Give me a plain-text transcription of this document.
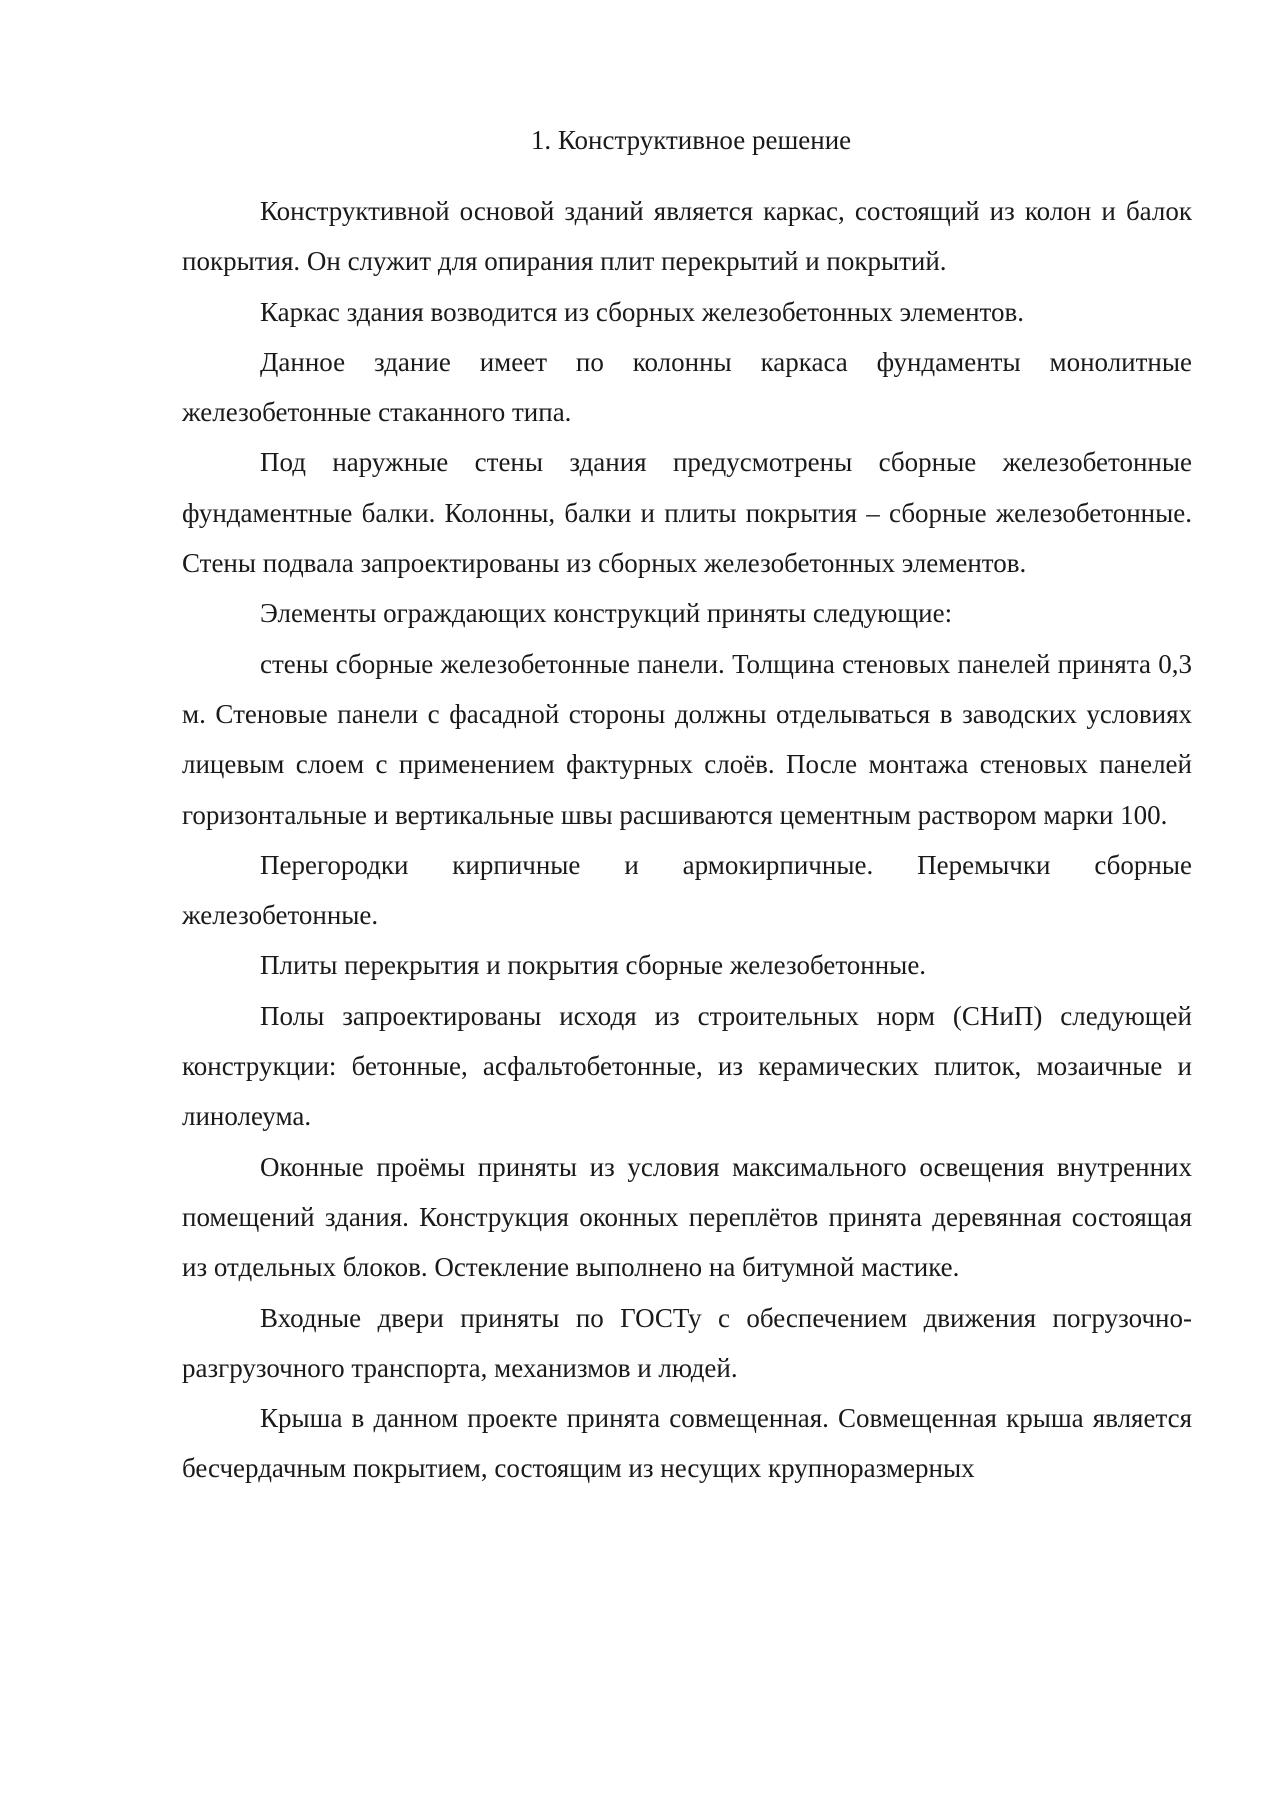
1. Конструктивное решение

Конструктивной основой зданий является каркас, состоящий из колон и балок покрытия. Он служит для опирания плит перекрытий и покрытий.

Каркас здания возводится из сборных железобетонных элементов.

Данное здание имеет по колонны каркаса фундаменты монолитные железобетонные стаканного типа.

Под наружные стены здания предусмотрены сборные железобетонные фундаментные балки. Колонны, балки и плиты покрытия – сборные железобетонные. Стены подвала запроектированы из сборных железобетонных элементов.

Элементы ограждающих конструкций приняты следующие:

стены сборные железобетонные панели. Толщина стеновых панелей принята 0,3 м. Стеновые панели с фасадной стороны должны отделываться в заводских условиях лицевым слоем с применением фактурных слоёв. После монтажа стеновых панелей горизонтальные и вертикальные швы расшиваются цементным раствором марки 100.

Перегородки кирпичные и армокирпичные. Перемычки сборные железобетонные.

Плиты перекрытия и покрытия сборные железобетонные.

Полы запроектированы исходя из строительных норм (СНиП) следующей конструкции: бетонные, асфальтобетонные, из керамических плиток, мозаичные и линолеума.

Оконные проёмы приняты из условия максимального освещения внутренних помещений здания. Конструкция оконных переплётов принята деревянная состоящая из отдельных блоков. Остекление выполнено на битумной мастике.

Входные двери приняты по ГОСТу с обеспечением движения погрузочно-разгрузочного транспорта, механизмов и людей.

Крыша в данном проекте принята совмещенная. Совмещенная крыша является бесчердачным покрытием, состоящим из несущих крупноразмерных
